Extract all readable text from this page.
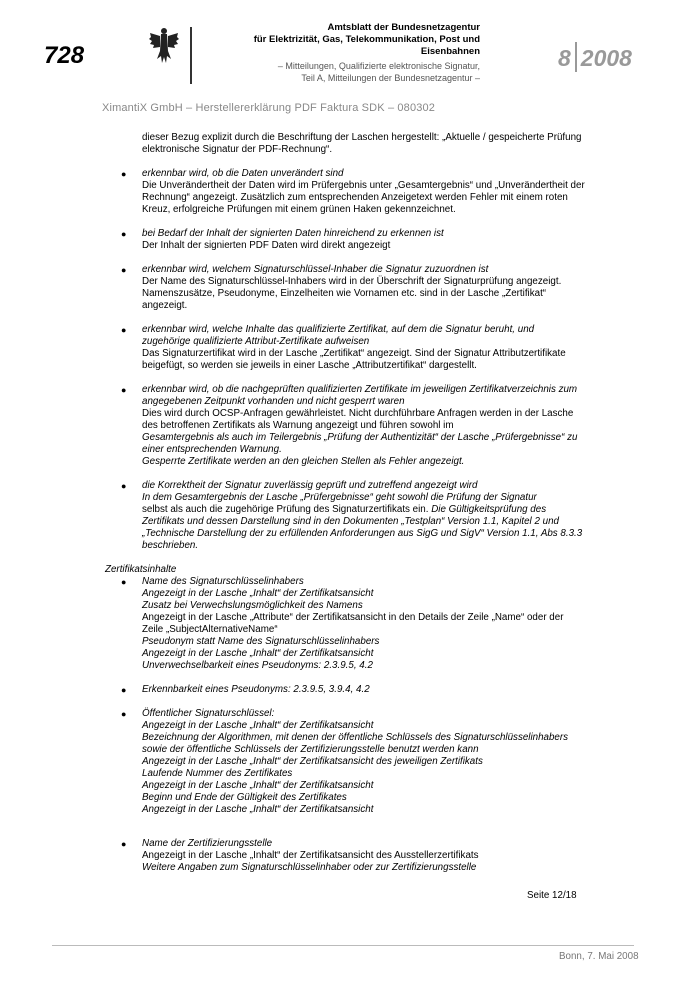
728
Amtsblatt der Bundesnetzagentur
für Elektrizität, Gas, Telekommunikation, Post und Eisenbahnen
– Mitteilungen, Qualifizierte elektronische Signatur,
Teil A, Mitteilungen der Bundesnetzagentur –
8 2008
XimantiX GmbH – Herstellererklärung PDF Faktura SDK – 080302

dieser Bezug explizit durch die Beschriftung der Laschen hergestellt: „Aktuelle / gespeicherte Prüfung elektronische Signatur der PDF-Rechnung“.

● erkennbar wird, ob die Daten unverändert sind

Die Unverändertheit der Daten wird im Prüfergebnis unter „Gesamtergebnis“ und „Unverändertheit der Rechnung“ angezeigt. Zusätzlich zum entsprechenden Anzeigetext werden Fehler mit einem roten Kreuz, erfolgreiche Prüfungen mit einem grünen Haken gekennzeichnet.

● bei Bedarf der Inhalt der signierten Daten hinreichend zu erkennen ist

Der Inhalt der signierten PDF Daten wird direkt angezeigt

● erkennbar wird, welchem Signaturschlüssel-Inhaber die Signatur zuzuordnen ist

Der Name des Signaturschlüssel-Inhabers wird in der Überschrift der Signaturprüfung angezeigt. Namenszusätze, Pseudonyme, Einzelheiten wie Vornamen etc. sind in der Lasche „Zertifikat“ angezeigt.

● erkennbar wird, welche Inhalte das qualifizierte Zertifikat, auf dem die Signatur beruht, und zugehörige qualifizierte Attribut-Zertifikate aufweisen

Das Signaturzertifikat wird in der Lasche „Zertifikat“ angezeigt. Sind der Signatur Attributzertifikate beigefügt, so werden sie jeweils in einer Lasche „Attributzertifikat“ dargestellt.

● erkennbar wird, ob die nachgeprüften qualifizierten Zertifikate im jeweiligen Zertifikatverzeichnis zum angegebenen Zeitpunkt vorhanden und nicht gesperrt waren

Dies wird durch OCSP-Anfragen gewährleistet. Nicht durchführbare Anfragen werden in der Lasche des betroffenen Zertifikats als Warnung angezeigt und führen sowohl im

Gesamtergebnis als auch im Teilergebnis „Prüfung der Authentizität“ der Lasche „Prüfergebnisse“ zu einer entsprechenden Warnung.

Gesperrte Zertifikate werden an den gleichen Stellen als Fehler angezeigt.

● die Korrektheit der Signatur zuverlässig geprüft und zutreffend angezeigt wird

In dem Gesamtergebnis der Lasche „Prüfergebnisse“ geht sowohl die Prüfung der Signatur

selbst als auch die zugehörige Prüfung des Signaturzertifikats ein. Die Gültigkeitsprüfung des Zertifikats und dessen Darstellung sind in den Dokumenten „Testplan“ Version 1.1, Kapitel 2 und „Technische Darstellung der zu erfüllenden Anforderungen aus SigG und SigV“ Version 1.1, Abs 8.3.3 beschrieben.

Zertifikatsinhalte

● Name des Signaturschlüsselinhabers

Angezeigt in der Lasche „Inhalt“ der Zertifikatsansicht

Zusatz bei Verwechslungsmöglichkeit des Namens

Angezeigt in der Lasche „Attribute“ der Zertifikatsansicht in den Details der Zeile „Name“ oder der Zeile „SubjectAlternativeName“

Pseudonym statt Name des Signaturschlüsselinhabers

Angezeigt in der Lasche „Inhalt“ der Zertifikatsansicht

Unverwechselbarkeit eines Pseudonyms: 2.3.9.5, 4.2

● Erkennbarkeit eines Pseudonyms: 2.3.9.5, 3.9.4, 4.2

● Öffentlicher Signaturschlüssel:

Angezeigt in der Lasche „Inhalt“ der Zertifikatsansicht

Bezeichnung der Algorithmen, mit denen der öffentliche Schlüssels des Signaturschlüsselinhabers sowie der öffentliche Schlüssels der Zertifizierungsstelle benutzt werden kann

Angezeigt in der Lasche „Inhalt“ der Zertifikatsansicht des jeweiligen Zertifikats

Laufende Nummer des Zertifikates

Angezeigt in der Lasche „Inhalt“ der Zertifikatsansicht

Beginn und Ende der Gültigkeit des Zertifikates

Angezeigt in der Lasche „Inhalt“ der Zertifikatsansicht

● Name der Zertifizierungsstelle

Angezeigt in der Lasche „Inhalt“ der Zertifikatsansicht des Ausstellerzertifikats

Weitere Angaben zum Signaturschlüsselinhaber oder zur Zertifizierungsstelle

Seite 12/18
Bonn, 7. Mai 2008
